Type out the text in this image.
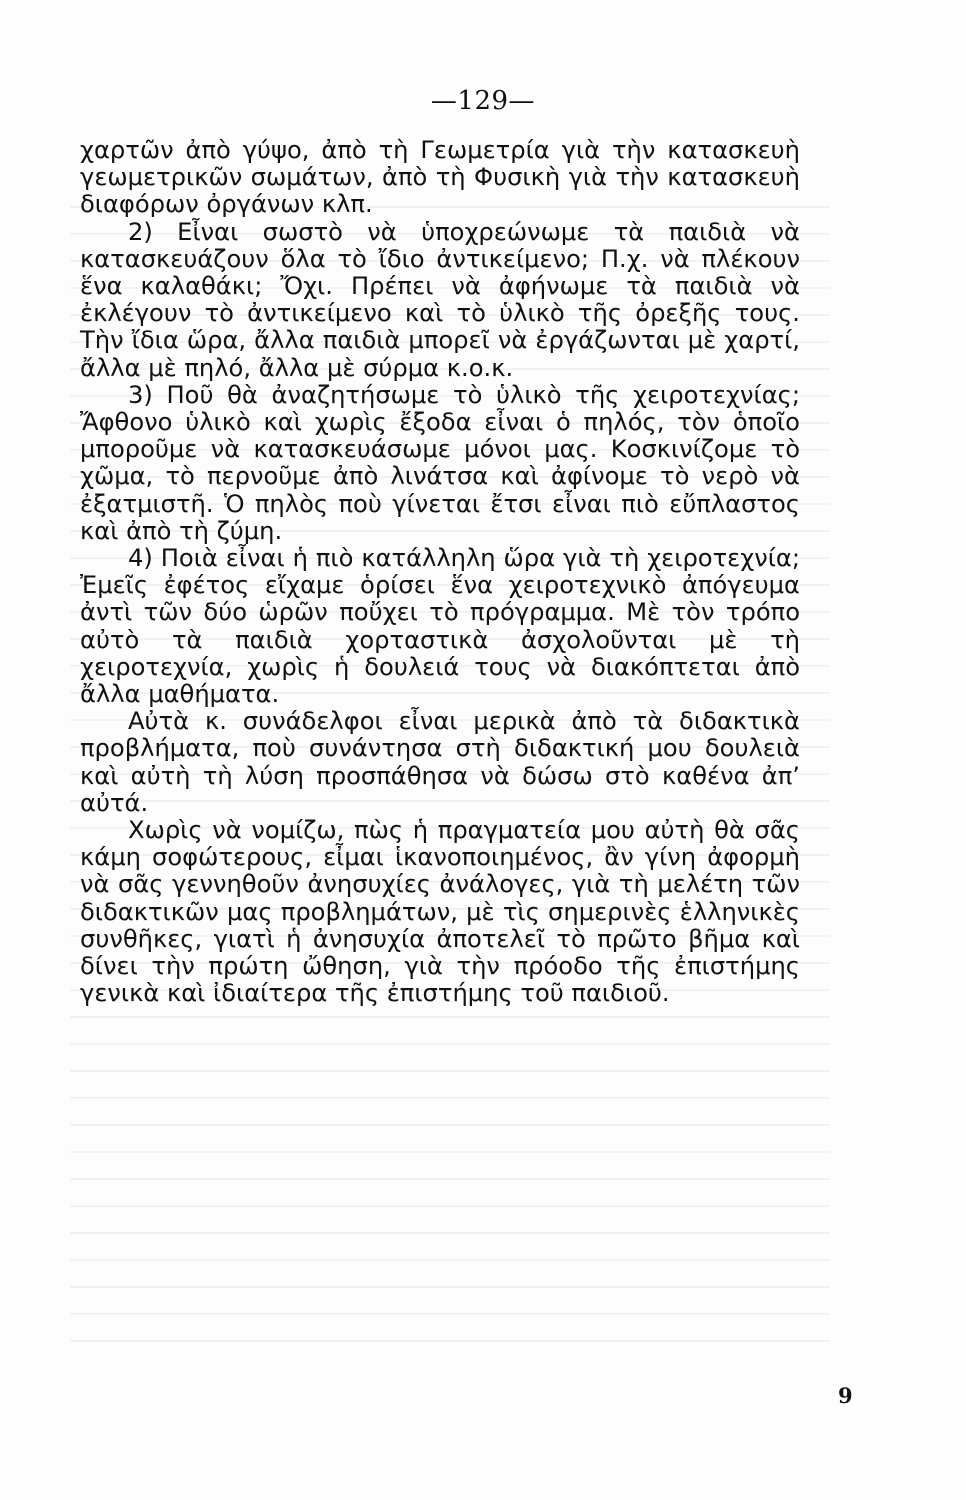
—129—

χαρτῶν ἀπὸ γύψο, ἀπὸ τὴ Γεωμετρία γιὰ τὴν κατασκευὴ γεωμετρικῶν σωμάτων, ἀπὸ τὴ Φυσικὴ γιὰ τὴν κατασκευὴ διαφόρων ὀργάνων κλπ.

2) Εἶναι σωστὸ νὰ ὑποχρεώνωμε τὰ παιδιὰ νὰ κατασκευάζουν ὅλα τὸ ἴδιο ἀντικείμενο; Π.χ. νὰ πλέκουν ἕνα καλαθάκι; Ὄχι. Πρέπει νὰ ἀφήνωμε τὰ παιδιὰ νὰ ἐκλέγουν τὸ ἀντικείμενο καὶ τὸ ὑλικὸ τῆς ὀρεξῆς τους. Τὴν ἴδια ὥρα, ἄλλα παιδιὰ μπορεῖ νὰ ἐργάζωνται μὲ χαρτί, ἄλλα μὲ πηλό, ἄλλα μὲ σύρμα κ.ο.κ.

3) Ποῦ θὰ ἀναζητήσωμε τὸ ὑλικὸ τῆς χειροτεχνίας; Ἄφθονο ὑλικὸ καὶ χωρὶς ἔξοδα εἶναι ὁ πηλός, τὸν ὁποῖο μποροῦμε νὰ κατασκευάσωμε μόνοι μας. Κοσκινίζομε τὸ χῶμα, τὸ περνοῦμε ἀπὸ λινάτσα καὶ ἀφίνομε τὸ νερὸ νὰ ἐξατμιστῆ. Ὁ πηλὸς ποὺ γίνεται ἔτσι εἶναι πιὸ εὔπλαστος καὶ ἀπὸ τὴ ζύμη.

4) Ποιὰ εἶναι ἡ πιὸ κατάλληλη ὥρα γιὰ τὴ χειροτεχνία; Ἐμεῖς ἐφέτος εἴχαμε ὁρίσει ἕνα χειροτεχνικὸ ἀπόγευμα ἀντὶ τῶν δύο ὡρῶν ποὔχει τὸ πρόγραμμα. Μὲ τὸν τρόπο αὐτὸ τὰ παιδιὰ χορταστικὰ ἀσχολοῦνται μὲ τὴ χειροτεχνία, χωρὶς ἡ δουλειά τους νὰ διακόπτεται ἀπὸ ἄλλα μαθήματα.

Αὐτὰ κ. συνάδελφοι εἶναι μερικὰ ἀπὸ τὰ διδακτικὰ προβλήματα, ποὺ συνάντησα στὴ διδακτική μου δουλειὰ καὶ αὐτὴ τὴ λύση προσπάθησα νὰ δώσω στὸ καθένα ἀπ’ αὐτά.

Χωρὶς νὰ νομίζω, πὼς ἡ πραγματεία μου αὐτὴ θὰ σᾶς κάμη σοφώτερους, εἶμαι ἱκανοποιημένος, ἂν γίνη ἀφορμὴ νὰ σᾶς γεννηθοῦν ἀνησυχίες ἀνάλογες, γιὰ τὴ μελέτη τῶν διδακτικῶν μας προβλημάτων, μὲ τὶς σημερινὲς ἑλληνικὲς συνθῆκες, γιατὶ ἡ ἀνησυχία ἀποτελεῖ τὸ πρῶτο βῆμα καὶ δίνει τὴν πρώτη ὤθηση, γιὰ τὴν πρόοδο τῆς ἐπιστήμης γενικὰ καὶ ἰδιαίτερα τῆς ἐπιστήμης τοῦ παιδιοῦ.

9
